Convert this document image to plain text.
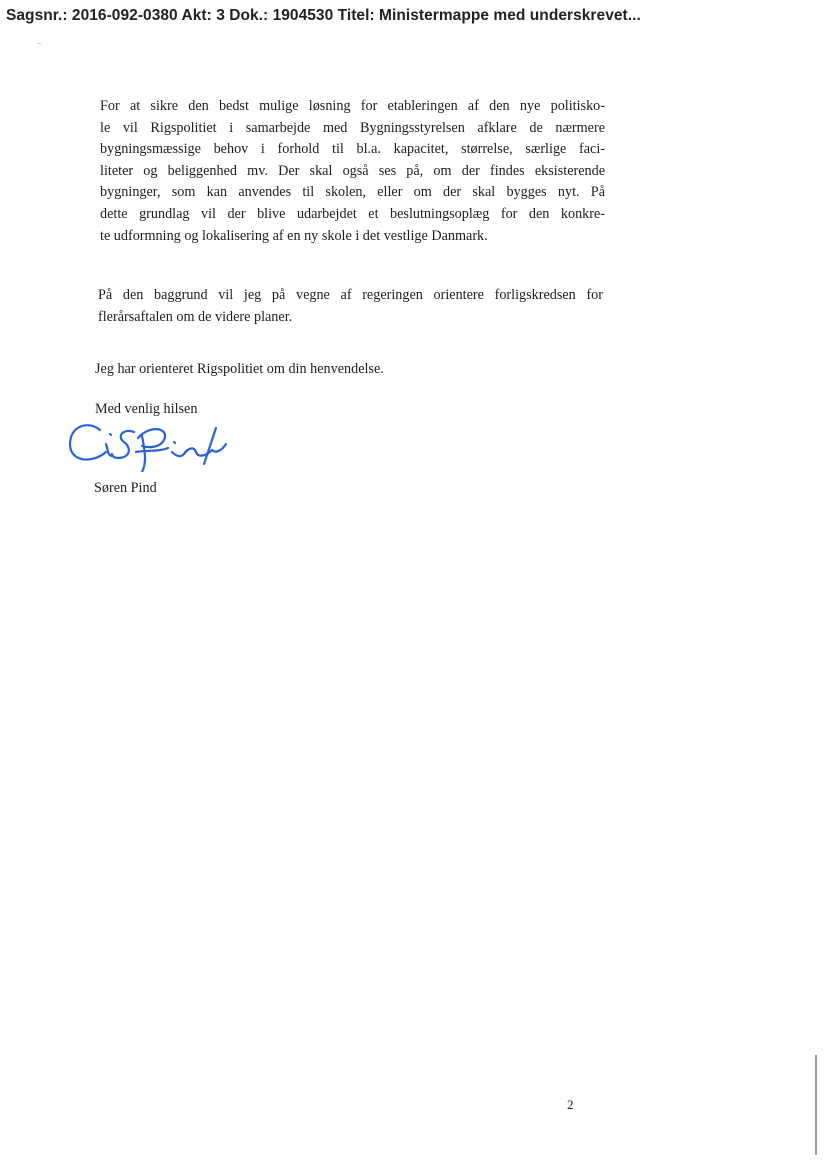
Sagsnr.: 2016-092-0380 Akt: 3 Dok.: 1904530 Titel: Ministermappe med underskrevet...
For at sikre den bedst mulige løsning for etableringen af den nye politisko-
le vil Rigspolitiet i samarbejde med Bygningsstyrelsen afklare de nærmere
bygningsmæssige behov i forhold til bl.a. kapacitet, størrelse, særlige faci-
liteter og beliggenhed mv. Der skal også ses på, om der findes eksisterende
bygninger, som kan anvendes til skolen, eller om der skal bygges nyt. På
dette grundlag vil der blive udarbejdet et beslutningsoplæg for den konkre-
te udformning og lokalisering af en ny skole i det vestlige Danmark.
På den baggrund vil jeg på vegne af regeringen orientere forligskredsen for
flerårsaftalen om de videre planer.
Jeg har orienteret Rigspolitiet om din henvendelse.
Med venlig hilsen
Søren Pind
2
